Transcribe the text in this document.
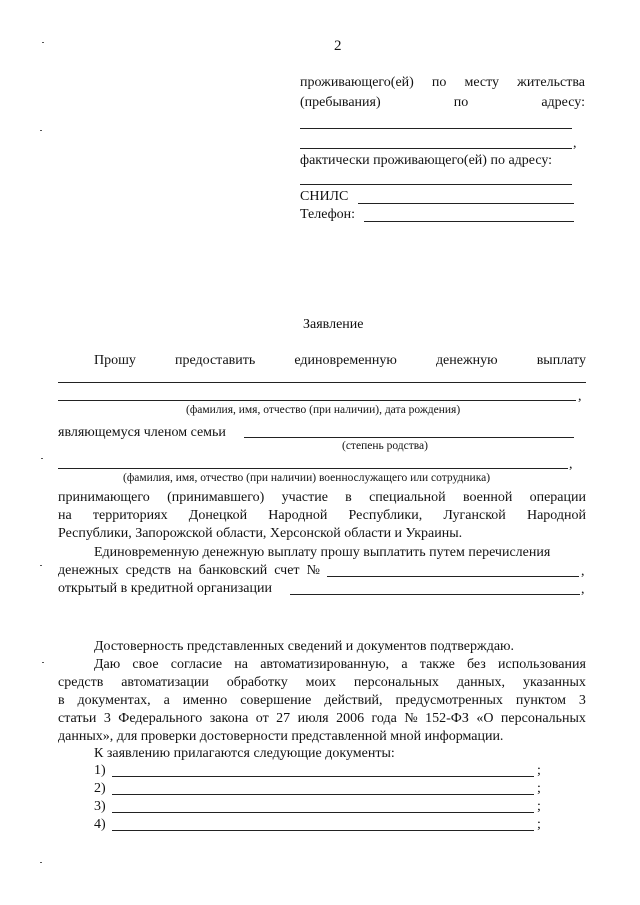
2
проживающего(ей) по месту жительства
(пребывания)	по	адресу:
,
фактически проживающего(ей) по адресу:
СНИЛС
Телефон:
Заявление
Прошу	предоставить	единовременную	денежную	выплату
,
(фамилия, имя, отчество (при наличии), дата рождения)
являющемуся членом семьи
(степень родства)
,
(фамилия, имя, отчество (при наличии) военнослужащего или сотрудника)
принимающего (принимавшего) участие в специальной военной операции
на территориях Донецкой Народной Республики, Луганской Народной
Республики, Запорожской области, Херсонской области и Украины.
Единовременную денежную выплату прошу выплатить путем перечисления
денежных средств на банковский счет №	,
открытый в кредитной организации	,
Достоверность представленных сведений и документов подтверждаю.
Даю свое согласие на автоматизированную, а также без использования
средств автоматизации обработку моих персональных данных, указанных
в документах, а именно совершение действий, предусмотренных пунктом 3
статьи 3 Федерального закона от 27 июля 2006 года № 152-ФЗ «О персональных
данных», для проверки достоверности представленной мной информации.
К заявлению прилагаются следующие документы:
1)	;
2)	;
3)	;
4)	;
